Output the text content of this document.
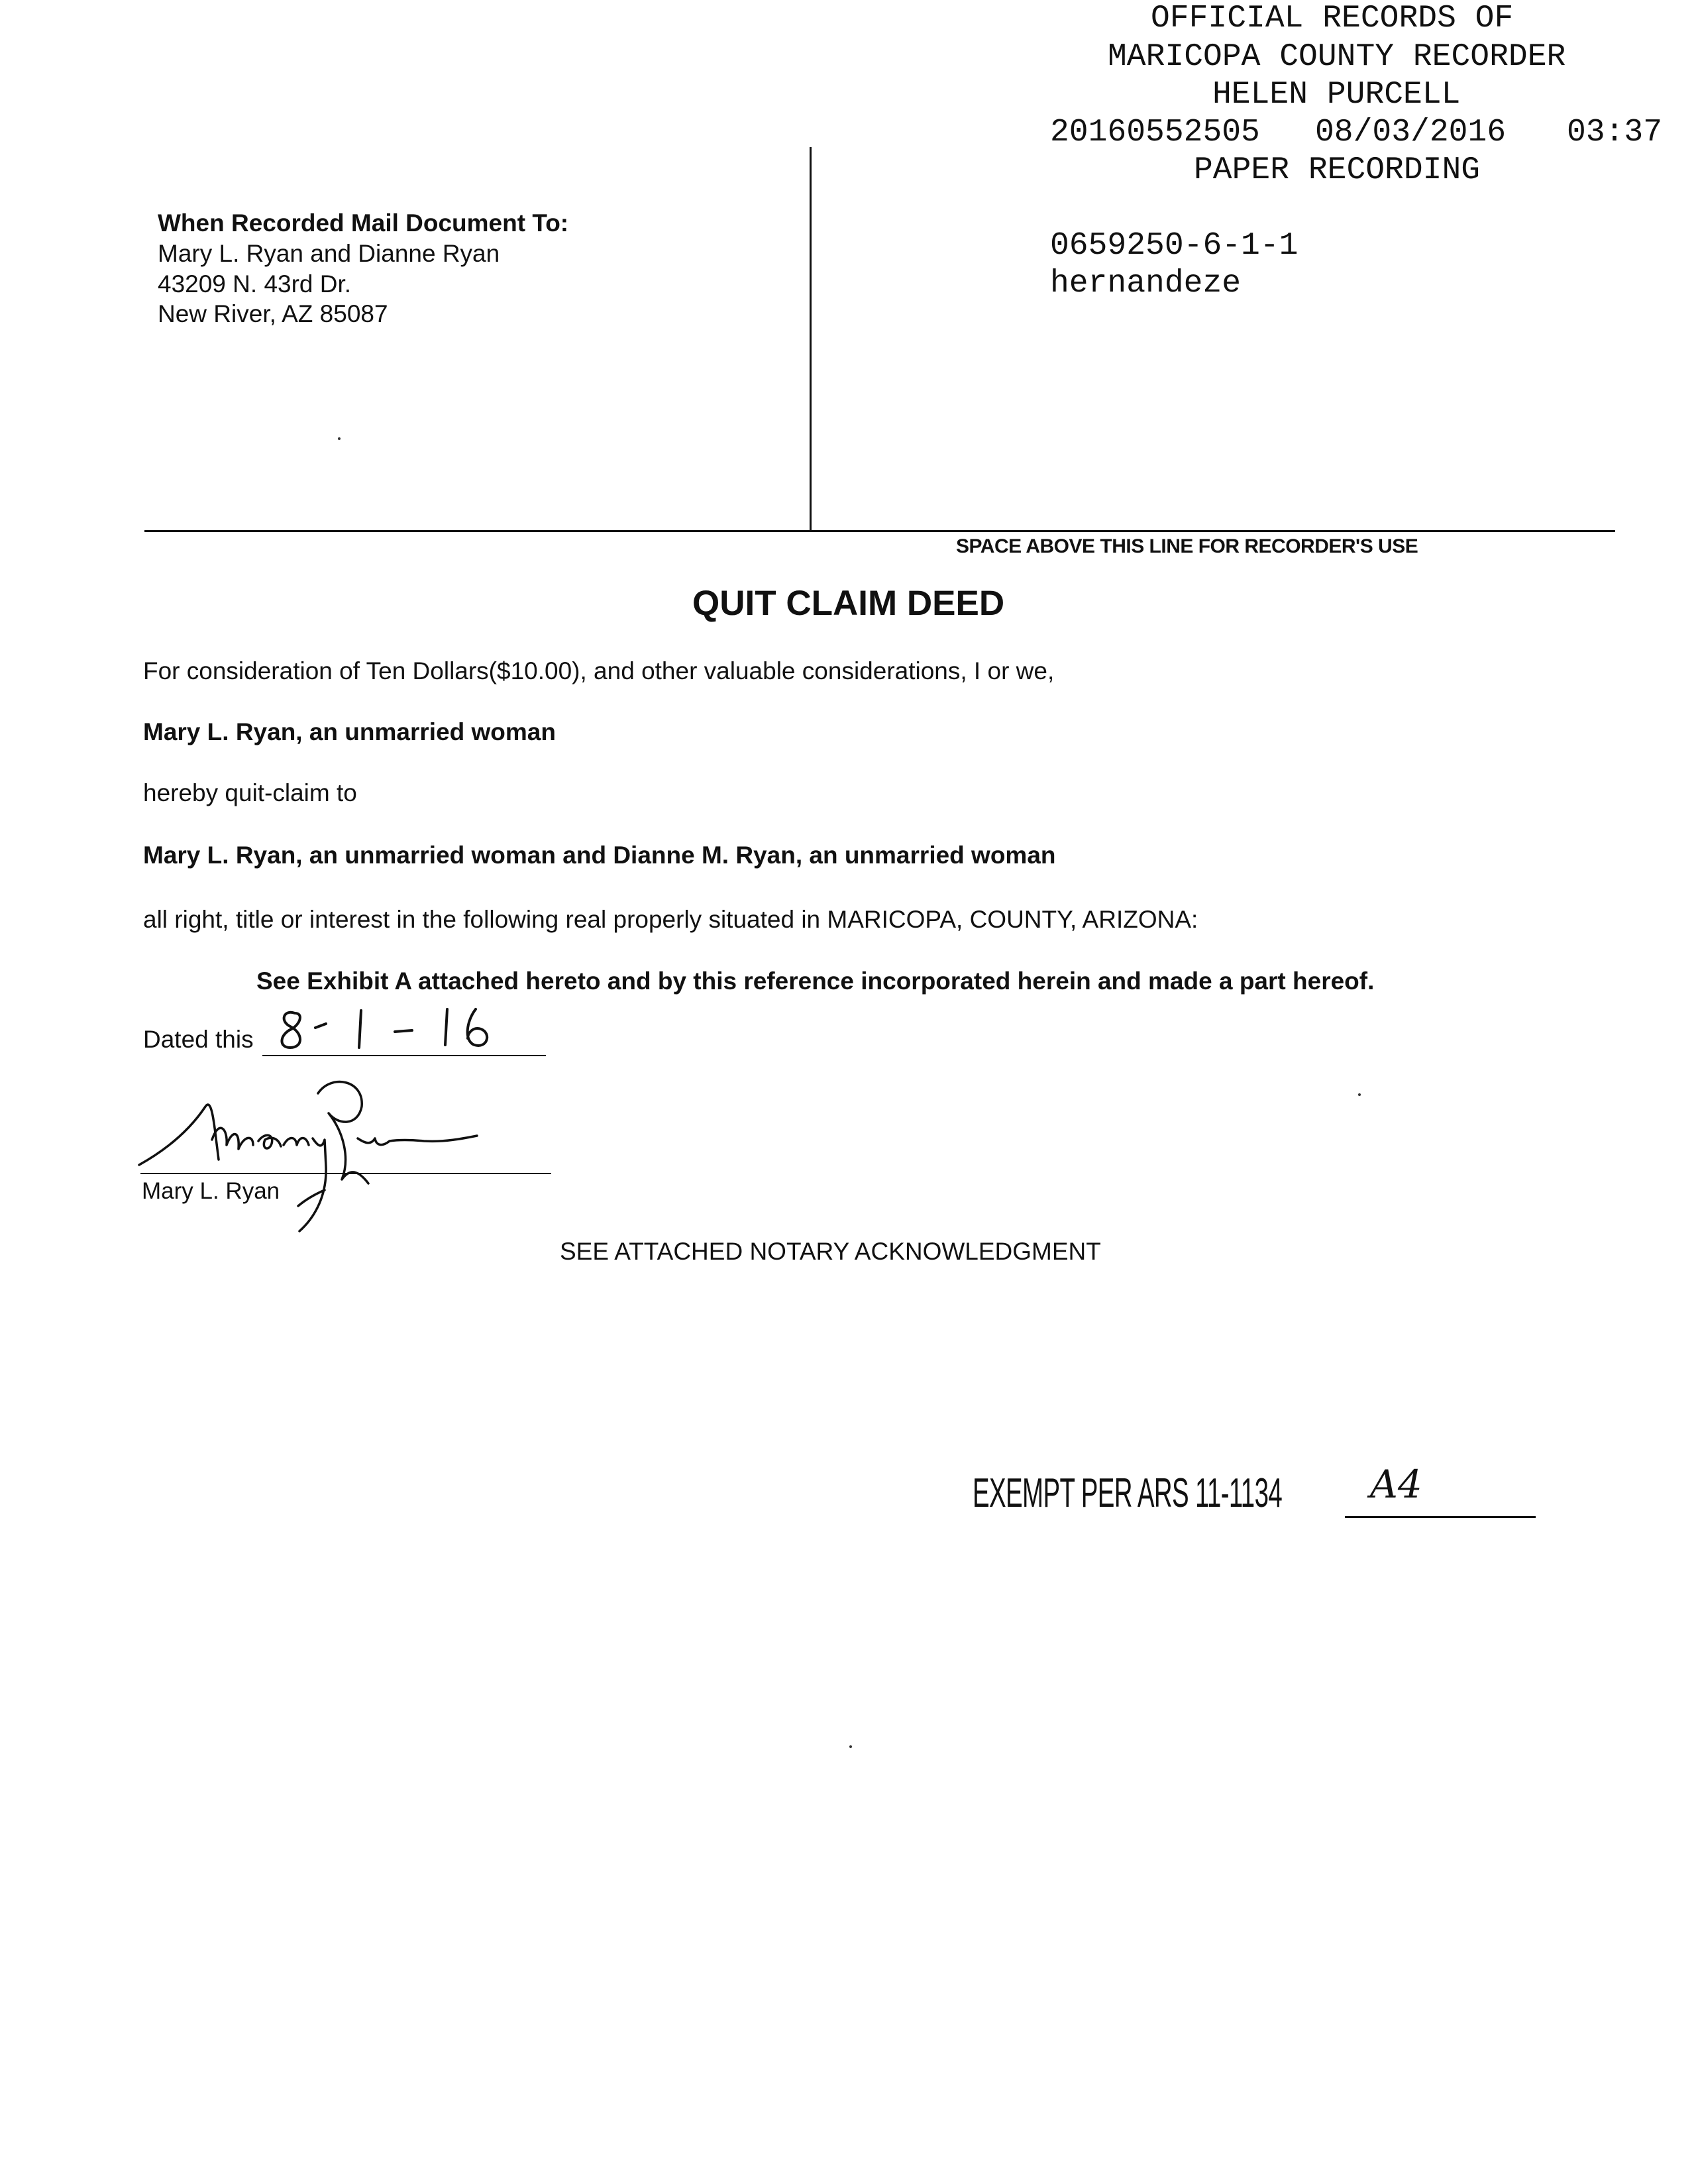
OFFICIAL RECORDS OF
MARICOPA COUNTY RECORDER
HELEN PURCELL
20160552505 08/03/2016 03:37
PAPER RECORDING
0659250-6-1-1
hernandeze
When Recorded Mail Document To:
Mary L. Ryan and Dianne Ryan
43209 N. 43rd Dr.
New River, AZ 85087
SPACE ABOVE THIS LINE FOR RECORDER'S USE
QUIT CLAIM DEED
For consideration of Ten Dollars($10.00), and other valuable considerations, I or we,
Mary L. Ryan, an unmarried woman
hereby quit-claim to
Mary L. Ryan, an unmarried woman and Dianne M. Ryan, an unmarried woman
all right, title or interest in the following real properly situated in MARICOPA, COUNTY, ARIZONA:
See Exhibit A attached hereto and by this reference incorporated herein and made a part hereof.
Dated this
Mary L. Ryan
SEE ATTACHED NOTARY ACKNOWLEDGMENT
EXEMPT PER ARS 11-1134 A4
